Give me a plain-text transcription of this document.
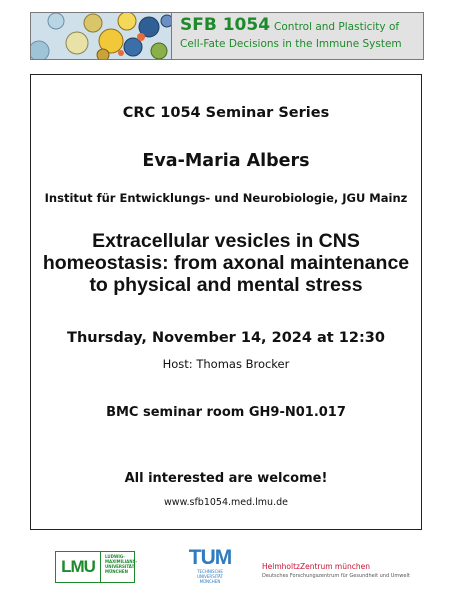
SFB 1054 Control and Plasticity of
Cell-Fate Decisions in the Immune System
CRC 1054 Seminar Series
Eva-Maria Albers
Institut für Entwicklungs- und Neurobiologie, JGU Mainz
Extracellular vesicles in CNS
homeostasis: from axonal maintenance
to physical and mental stress
Thursday, November 14, 2024 at 12:30
Host: Thomas Brocker
BMC seminar room GH9-N01.017
All interested are welcome!
www.sfb1054.med.lmu.de
LMU
LUDWIG-
MAXIMILIANS-
UNIVERSITÄT
MÜNCHEN
TUM
TECHNISCHE
UNIVERSITÄT
MÜNCHEN
HelmholtzZentrum münchen
Deutsches Forschungszentrum für Gesundheit und Umwelt
